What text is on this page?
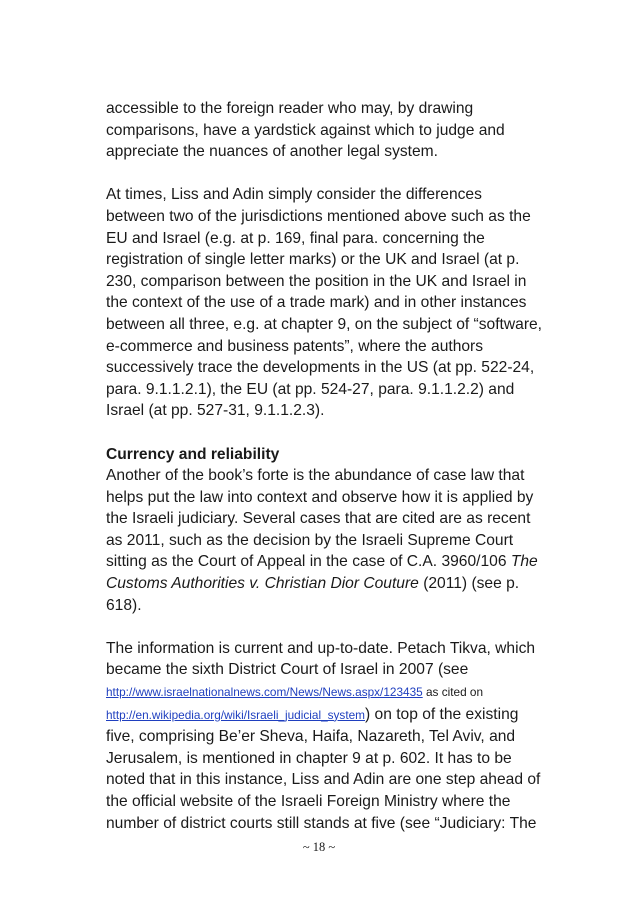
accessible to the foreign reader who may, by drawing
comparisons, have a yardstick against which to judge and
appreciate the nuances of another legal system.

At times, Liss and Adin simply consider the differences
between two of the jurisdictions mentioned above such as the
EU and Israel (e.g. at p. 169, final para. concerning the
registration of single letter marks) or the UK and Israel (at p.
230, comparison between the position in the UK and Israel in
the context of the use of a trade mark) and in other instances
between all three, e.g. at chapter 9, on the subject of “software,
e-commerce and business patents”, where the authors
successively trace the developments in the US (at pp. 522-24,
para. 9.1.1.2.1), the EU (at pp. 524-27, para. 9.1.1.2.2) and
Israel (at pp. 527-31, 9.1.1.2.3).

Currency and reliability
Another of the book’s forte is the abundance of case law that
helps put the law into context and observe how it is applied by
the Israeli judiciary. Several cases that are cited are as recent
as 2011, such as the decision by the Israeli Supreme Court
sitting as the Court of Appeal in the case of C.A. 3960/106 The
Customs Authorities v. Christian Dior Couture (2011) (see p.
618).

The information is current and up-to-date. Petach Tikva, which
became the sixth District Court of Israel in 2007 (see
http://www.israelnationalnews.com/News/News.aspx/123435 as cited on
http://en.wikipedia.org/wiki/Israeli_judicial_system) on top of the existing
five, comprising Be’er Sheva, Haifa, Nazareth, Tel Aviv, and
Jerusalem, is mentioned in chapter 9 at p. 602. It has to be
noted that in this instance, Liss and Adin are one step ahead of
the official website of the Israeli Foreign Ministry where the
number of district courts still stands at five (see “Judiciary: The

~ 18 ~
